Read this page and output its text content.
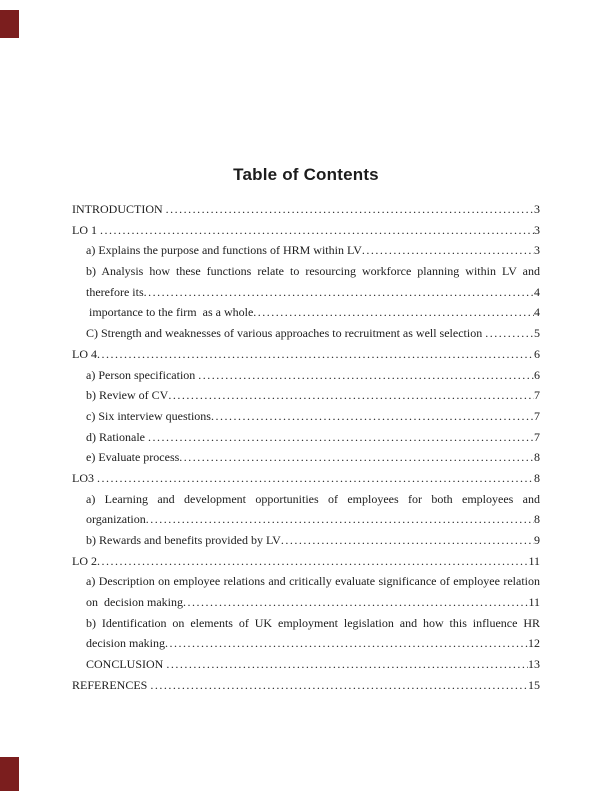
Table of Contents
INTRODUCTION .....	3
LO 1 .....	3
a) Explains the purpose and functions of HRM within LV .....	3
b) Analysis how these functions relate to resourcing workforce planning within LV and
therefore its .....	4
importance to the firm  as a whole .....	4
C) Strength and weaknesses of various approaches to recruitment as well selection .....	5
LO 4 .....	6
a) Person specification .....	6
b) Review of CV .....	7
c) Six interview questions .....	7
d) Rationale .....	7
e) Evaluate process .....	8
LO3 .....	8
a) Learning and development opportunities of employees for both employees and
organization .....	8
b) Rewards and benefits provided by LV .....	9
LO 2 .....	11
a) Description on employee relations and critically evaluate significance of employee relation
on  decision making .....	11
b) Identification on elements of UK employment legislation and how this influence HR
decision making .....	12
CONCLUSION .....	13
REFERENCES .....	15
